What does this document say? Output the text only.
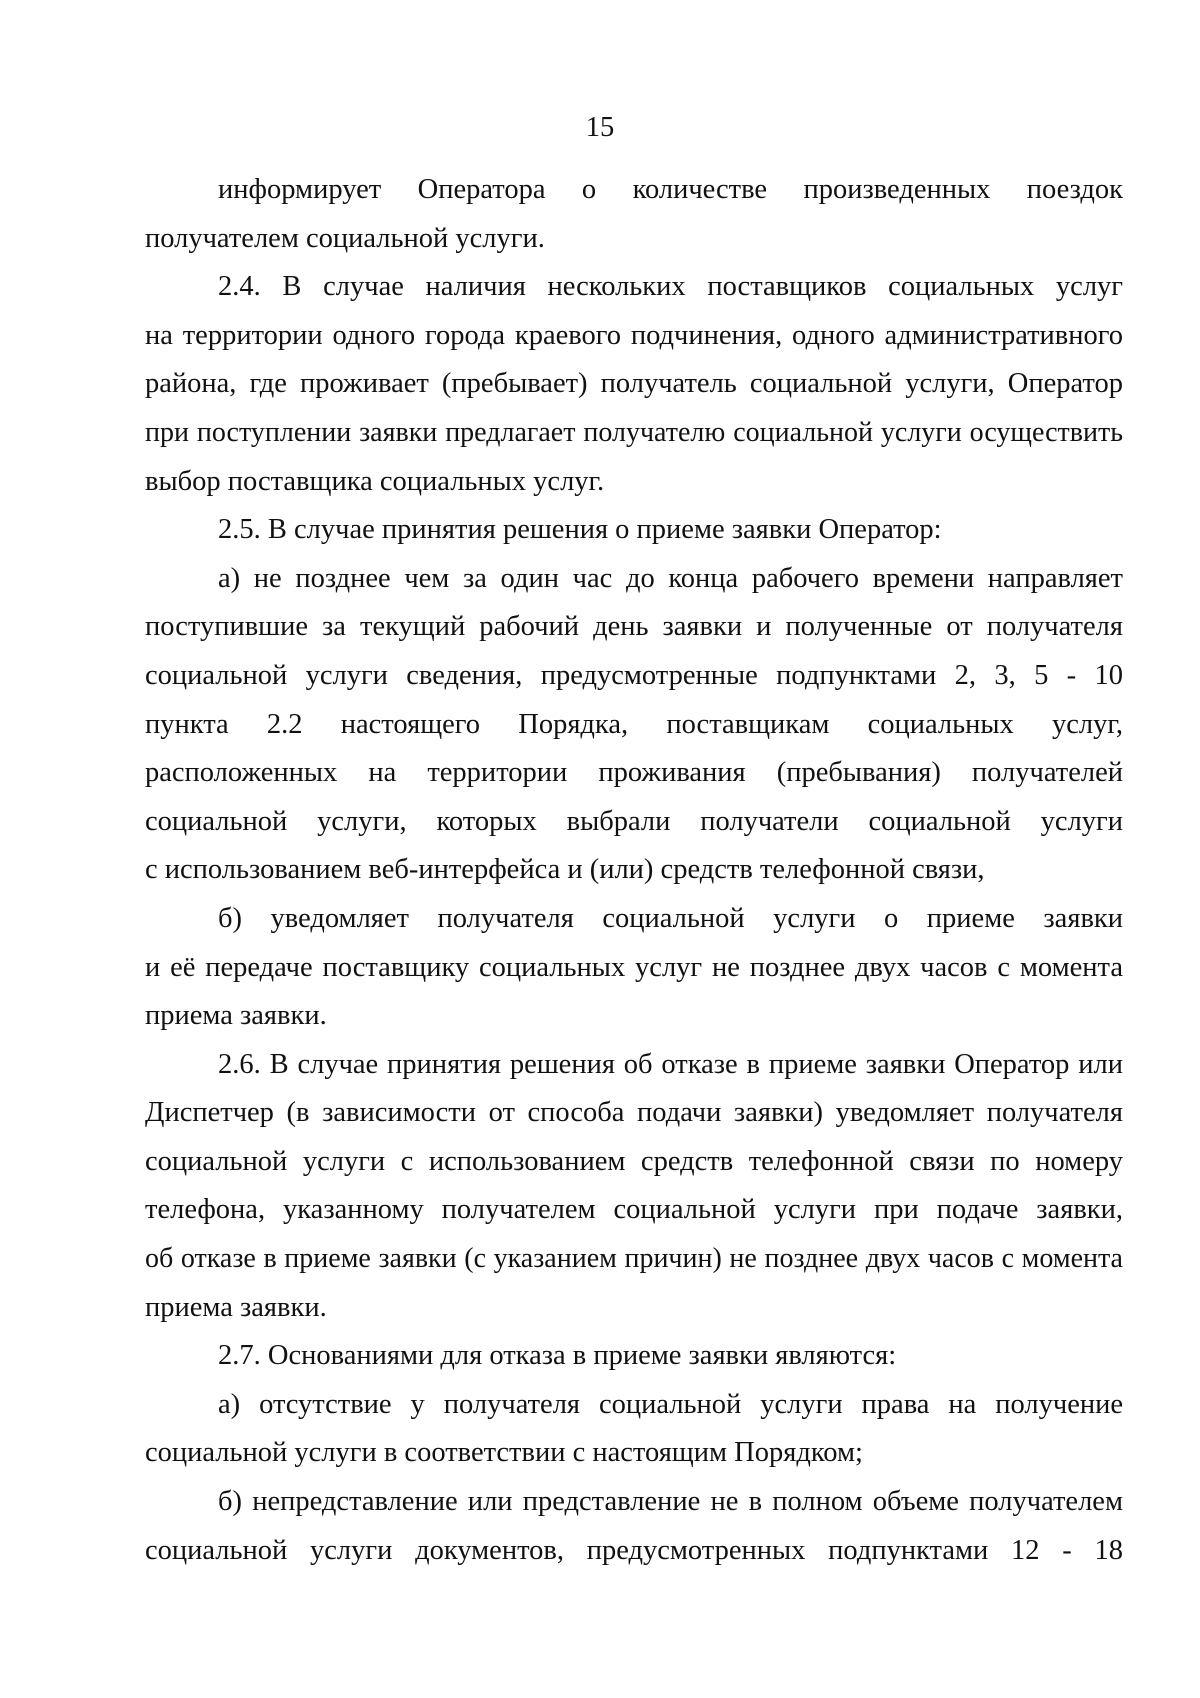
15
информирует Оператора о количестве произведенных поездок
получателем социальной услуги.
2.4. В случае наличия нескольких поставщиков социальных услуг
на территории одного города краевого подчинения, одного административного
района, где проживает (пребывает) получатель социальной услуги, Оператор
при поступлении заявки предлагает получателю социальной услуги осуществить
выбор поставщика социальных услуг.
2.5. В случае принятия решения о приеме заявки Оператор:
а) не позднее чем за один час до конца рабочего времени направляет
поступившие за текущий рабочий день заявки и полученные от получателя
социальной услуги сведения, предусмотренные подпунктами 2, 3, 5 - 10
пункта 2.2 настоящего Порядка, поставщикам социальных услуг,
расположенных на территории проживания (пребывания) получателей
социальной услуги, которых выбрали получатели социальной услуги
с использованием веб-интерфейса и (или) средств телефонной связи,
б) уведомляет получателя социальной услуги о приеме заявки
и её передаче поставщику социальных услуг не позднее двух часов с момента
приема заявки.
2.6. В случае принятия решения об отказе в приеме заявки Оператор или
Диспетчер (в зависимости от способа подачи заявки) уведомляет получателя
социальной услуги с использованием средств телефонной связи по номеру
телефона, указанному получателем социальной услуги при подаче заявки,
об отказе в приеме заявки (с указанием причин) не позднее двух часов с момента
приема заявки.
2.7. Основаниями для отказа в приеме заявки являются:
а) отсутствие у получателя социальной услуги права на получение
социальной услуги в соответствии с настоящим Порядком;
б) непредставление или представление не в полном объеме получателем
социальной услуги документов, предусмотренных подпунктами 12 - 18
